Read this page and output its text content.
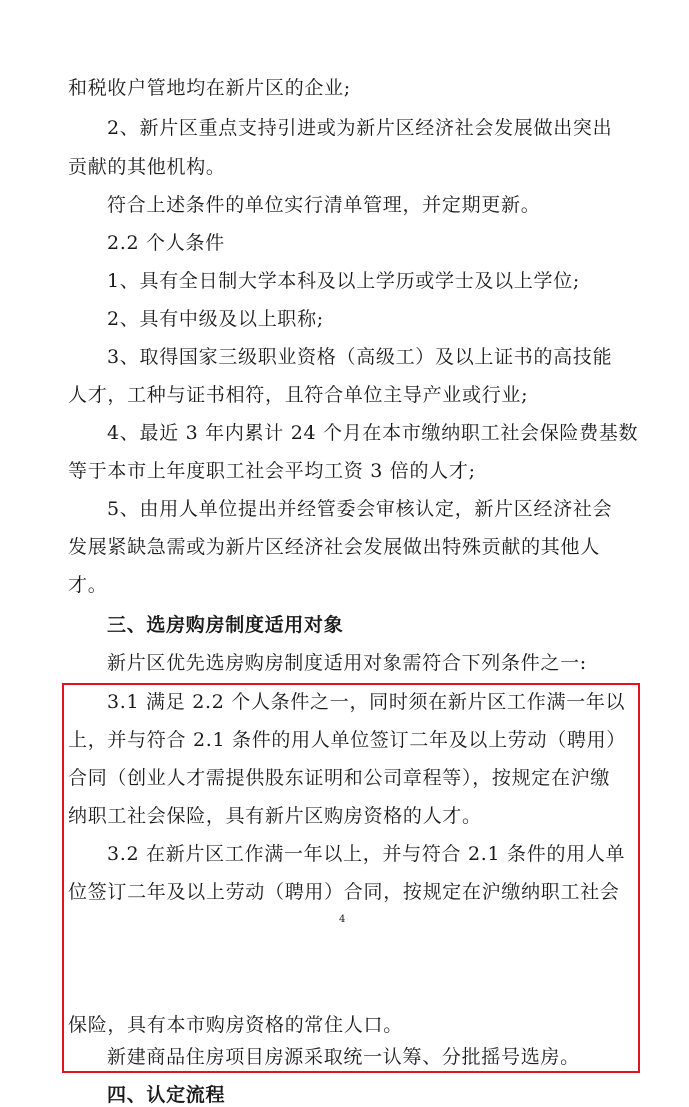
和税收户管地均在新片区的企业;
2、新片区重点支持引进或为新片区经济社会发展做出突出
贡献的其他机构。
符合上述条件的单位实行清单管理，并定期更新。
2.2 个人条件
1、具有全日制大学本科及以上学历或学士及以上学位;
2、具有中级及以上职称;
3、取得国家三级职业资格（高级工）及以上证书的高技能
人才，工种与证书相符，且符合单位主导产业或行业;
4、最近 3 年内累计 24 个月在本市缴纳职工社会保险费基数
等于本市上年度职工社会平均工资 3 倍的人才;
5、由用人单位提出并经管委会审核认定，新片区经济社会
发展紧缺急需或为新片区经济社会发展做出特殊贡献的其他人
才。
三、选房购房制度适用对象
新片区优先选房购房制度适用对象需符合下列条件之一:
3.1 满足 2.2 个人条件之一，同时须在新片区工作满一年以
上，并与符合 2.1 条件的用人单位签订二年及以上劳动（聘用）
合同（创业人才需提供股东证明和公司章程等），按规定在沪缴
纳职工社会保险，具有新片区购房资格的人才。
3.2 在新片区工作满一年以上，并与符合 2.1 条件的用人单
位签订二年及以上劳动（聘用）合同，按规定在沪缴纳职工社会
4
保险，具有本市购房资格的常住人口。
新建商品住房项目房源采取统一认筹、分批摇号选房。
四、认定流程
